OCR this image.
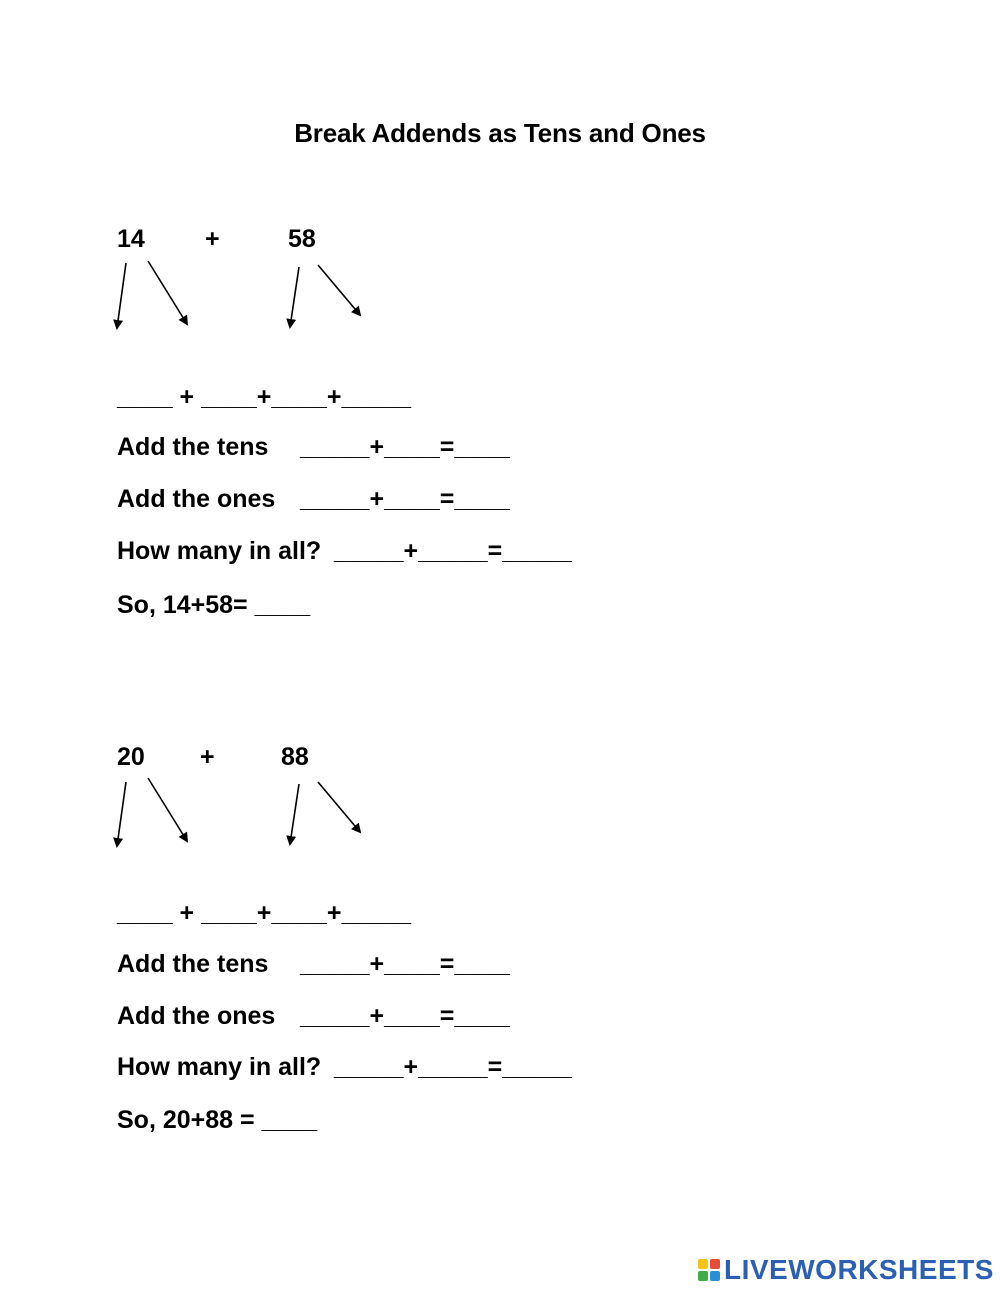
Break Addends as Tens and Ones
14 +	58
____ + ____+____+_____
Add the tens _____+____=____
Add the ones _____+____=____
How many in all? _____+_____=_____
So, 14+58= ____
20 +	88
____ + ____+____+_____
Add the tens _____+____=____
Add the ones _____+____=____
How many in all? _____+_____=_____
So, 20+88 = ____
LIVEWORKSHEETS
